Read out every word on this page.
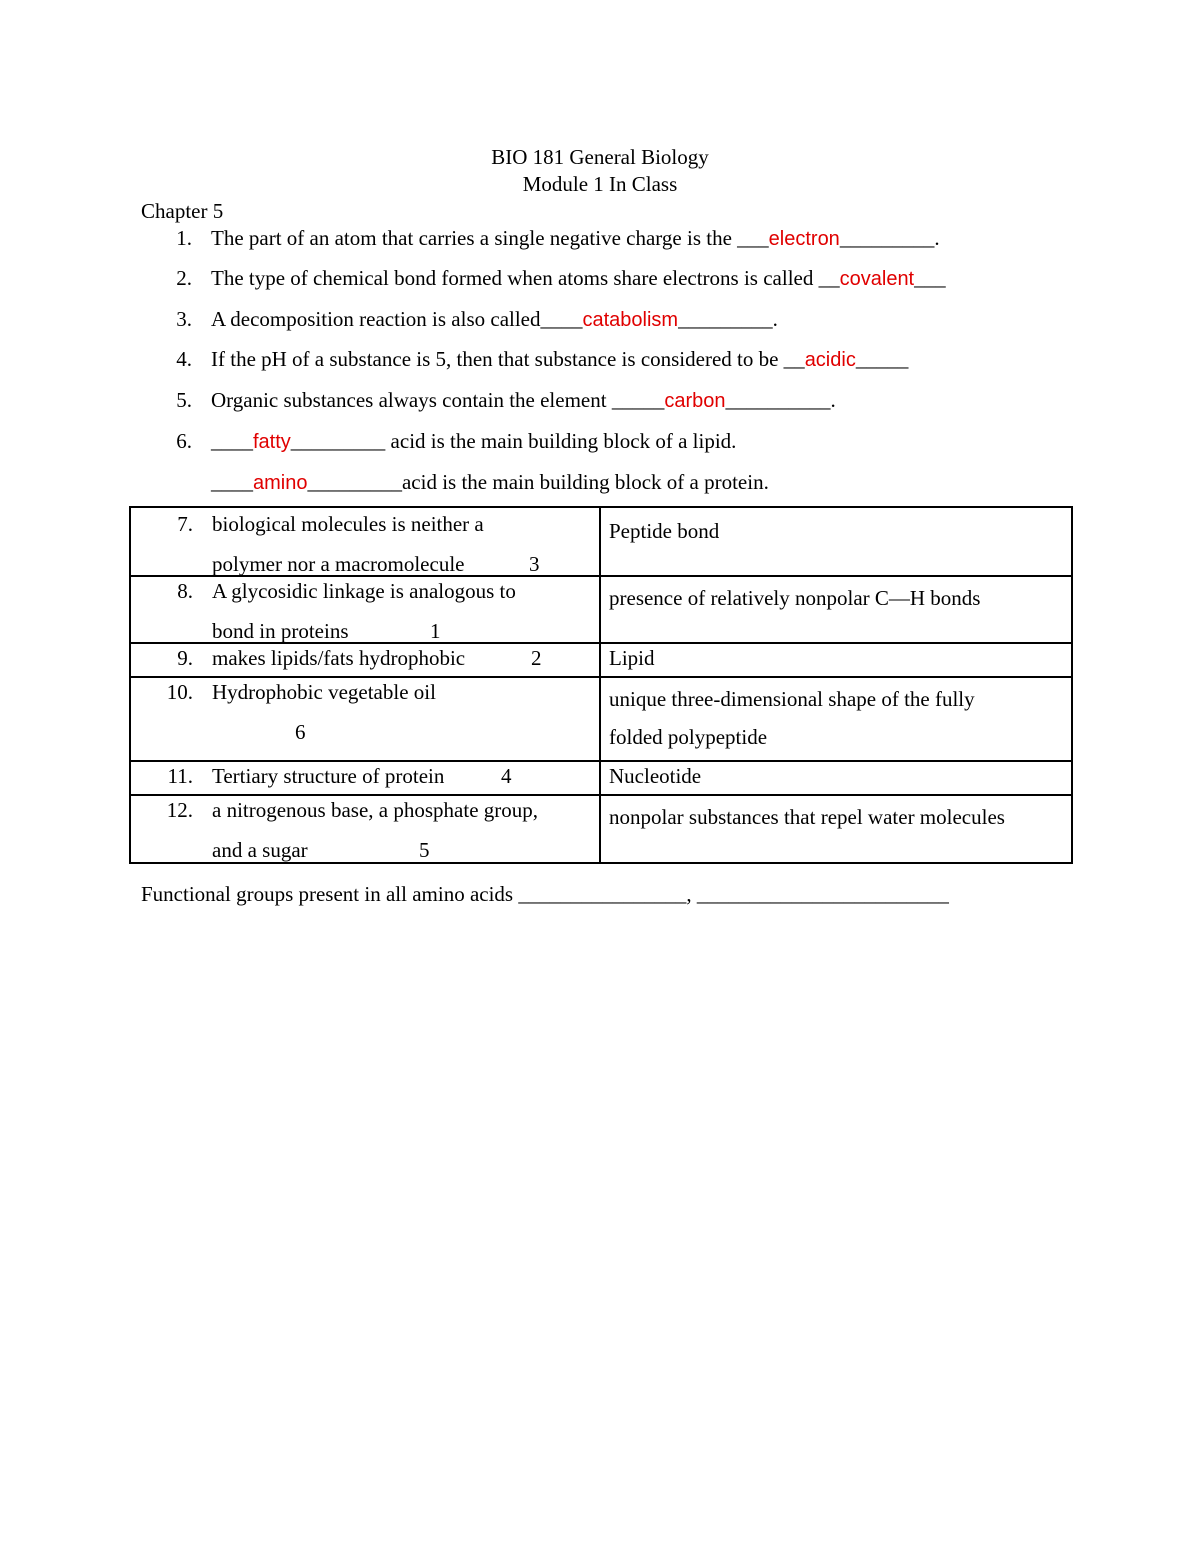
BIO 181 General Biology
Module 1 In Class
Chapter 5
1. The part of an atom that carries a single negative charge is the ___electron_________.
2. The type of chemical bond formed when atoms share electrons is called __covalent___
3. A decomposition reaction is also called____catabolism_________.
4. If the pH of a substance is 5, then that substance is considered to be __acidic_____
5. Organic substances always contain the element _____carbon__________.
6. ____fatty_________ acid is the main building block of a lipid.
____amino_________acid is the main building block of a protein.
7. biological molecules is neither a
polymer nor a macromolecule 3	Peptide bond

8. A glycosidic linkage is analogous to
bond in proteins 1	presence of relatively nonpolar C—H bonds

9. makes lipids/fats hydrophobic 2	Lipid

10. Hydrophobic vegetable oil
6	unique three-dimensional shape of the fully
folded polypeptide

11. Tertiary structure of protein 4	Nucleotide

12. a nitrogenous base, a phosphate group,
and a sugar 5	nonpolar substances that repel water molecules
Functional groups present in all amino acids ________________, ________________________
